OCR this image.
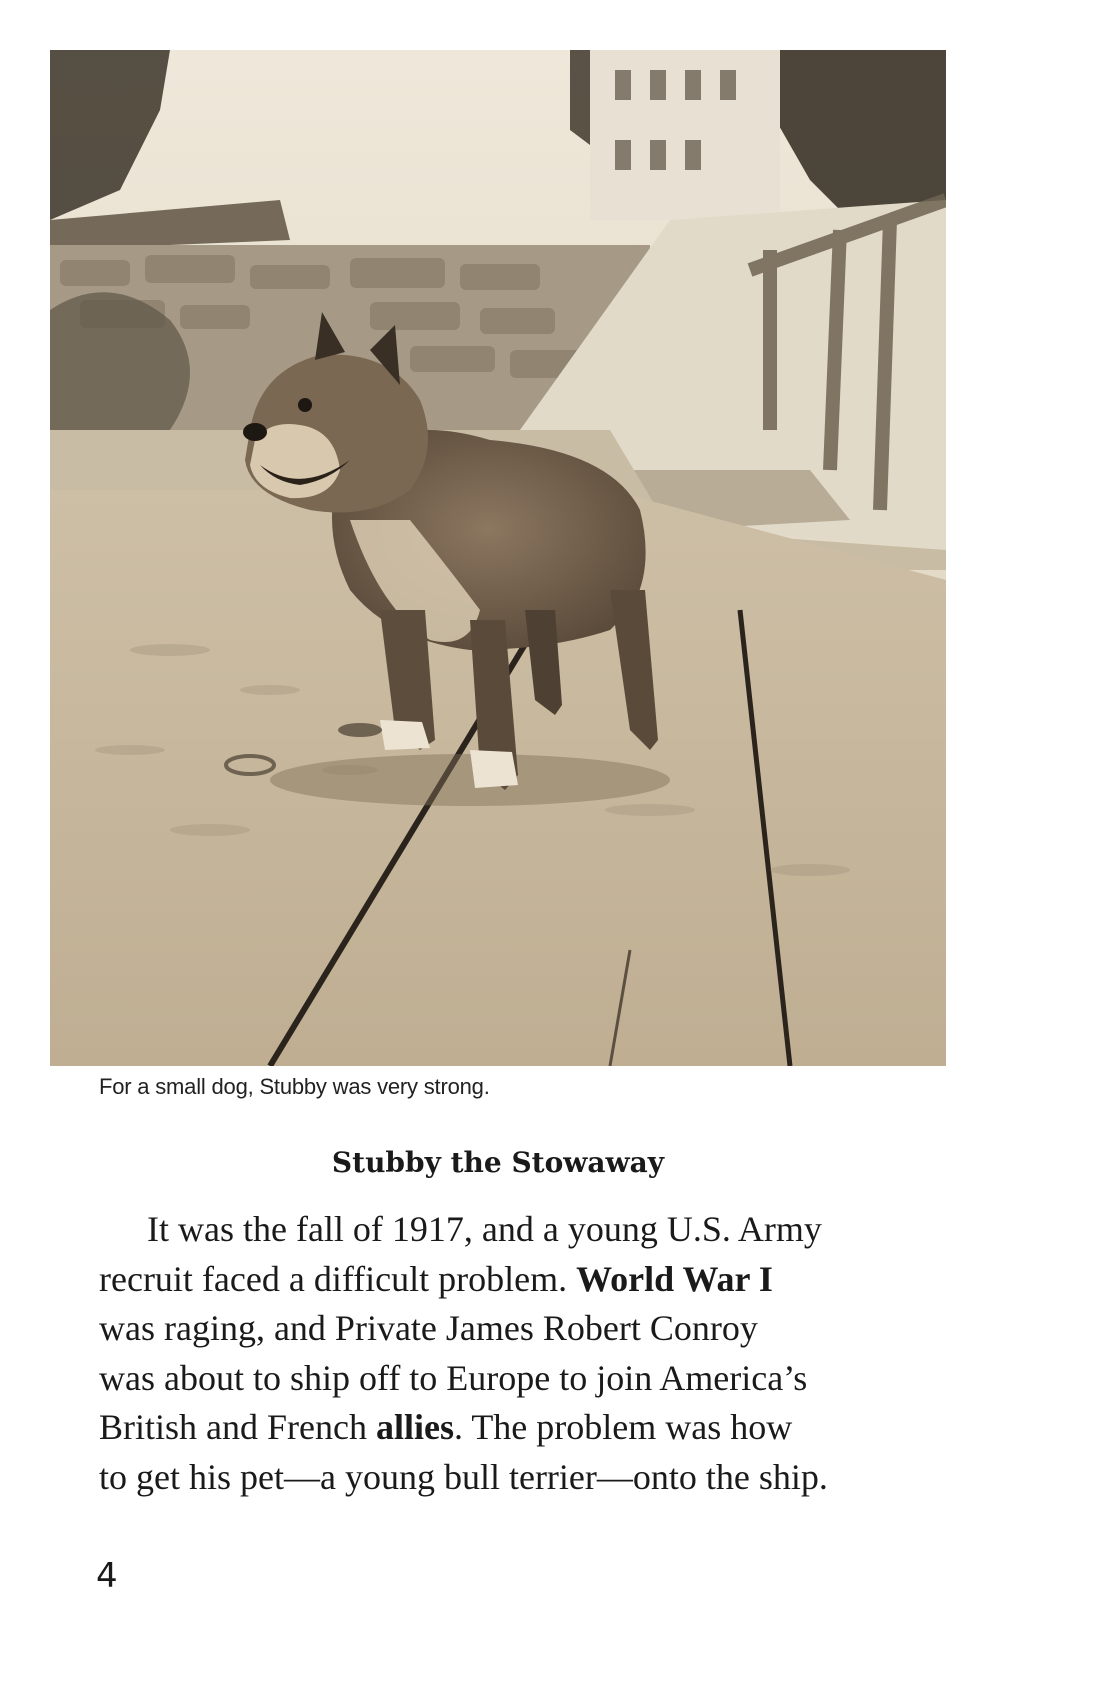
For a small dog, Stubby was very strong.
Stubby the Stowaway
It was the fall of 1917, and a young U.S. Army
recruit faced a difficult problem. World War I
was raging, and Private James Robert Conroy
was about to ship off to Europe to join America’s
British and French allies. The problem was how
to get his pet—a young bull terrier—onto the ship.
4
